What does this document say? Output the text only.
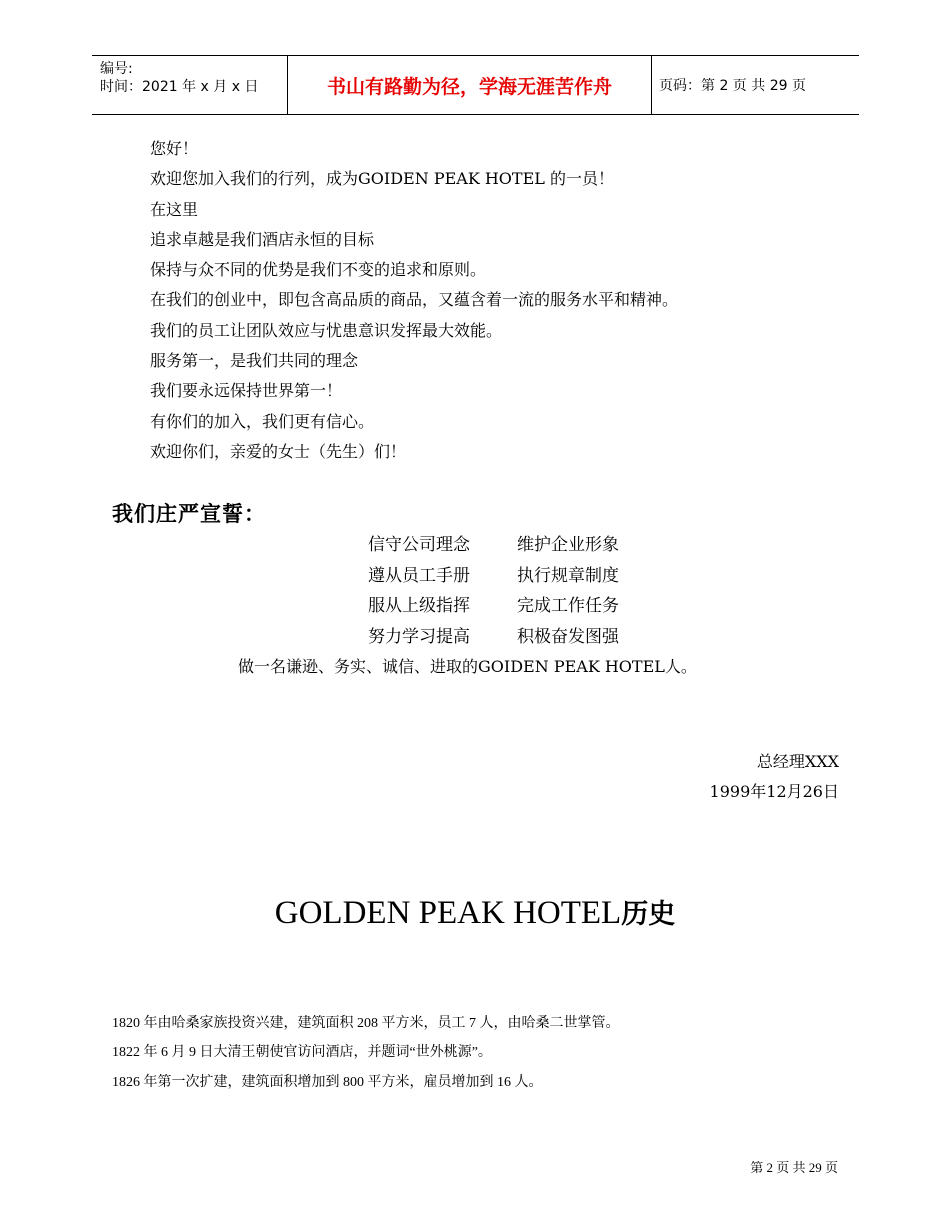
编号:
时间：2021 年 x 月 x 日	书山有路勤为径，学海无涯苦作舟	页码：第 2 页 共 29 页
您好！
欢迎您加入我们的行列，成为GOIDEN PEAK HOTEL 的一员！
在这里
追求卓越是我们酒店永恒的目标
保持与众不同的优势是我们不变的追求和原则。
在我们的创业中，即包含高品质的商品，又蕴含着一流的服务水平和精神。
我们的员工让团队效应与忧患意识发挥最大效能。
服务第一，是我们共同的理念
我们要永远保持世界第一！
有你们的加入，我们更有信心。
欢迎你们，亲爱的女士（先生）们！
我们庄严宣誓：
信守公司理念	维护企业形象
遵从员工手册	执行规章制度
服从上级指挥	完成工作任务
努力学习提高	积极奋发图强
做一名谦逊、务实、诚信、进取的GOIDEN PEAK HOTEL人。
总经理XXX
1999年12月26日
GOLDEN PEAK HOTEL历史
1820 年由哈桑家族投资兴建，建筑面积 208 平方米，员工 7 人，由哈桑二世掌管。
1822 年 6 月 9 日大清王朝使官访问酒店，并题词“世外桃源”。
1826 年第一次扩建，建筑面积增加到 800 平方米，雇员增加到 16 人。
第 2 页 共 29 页
